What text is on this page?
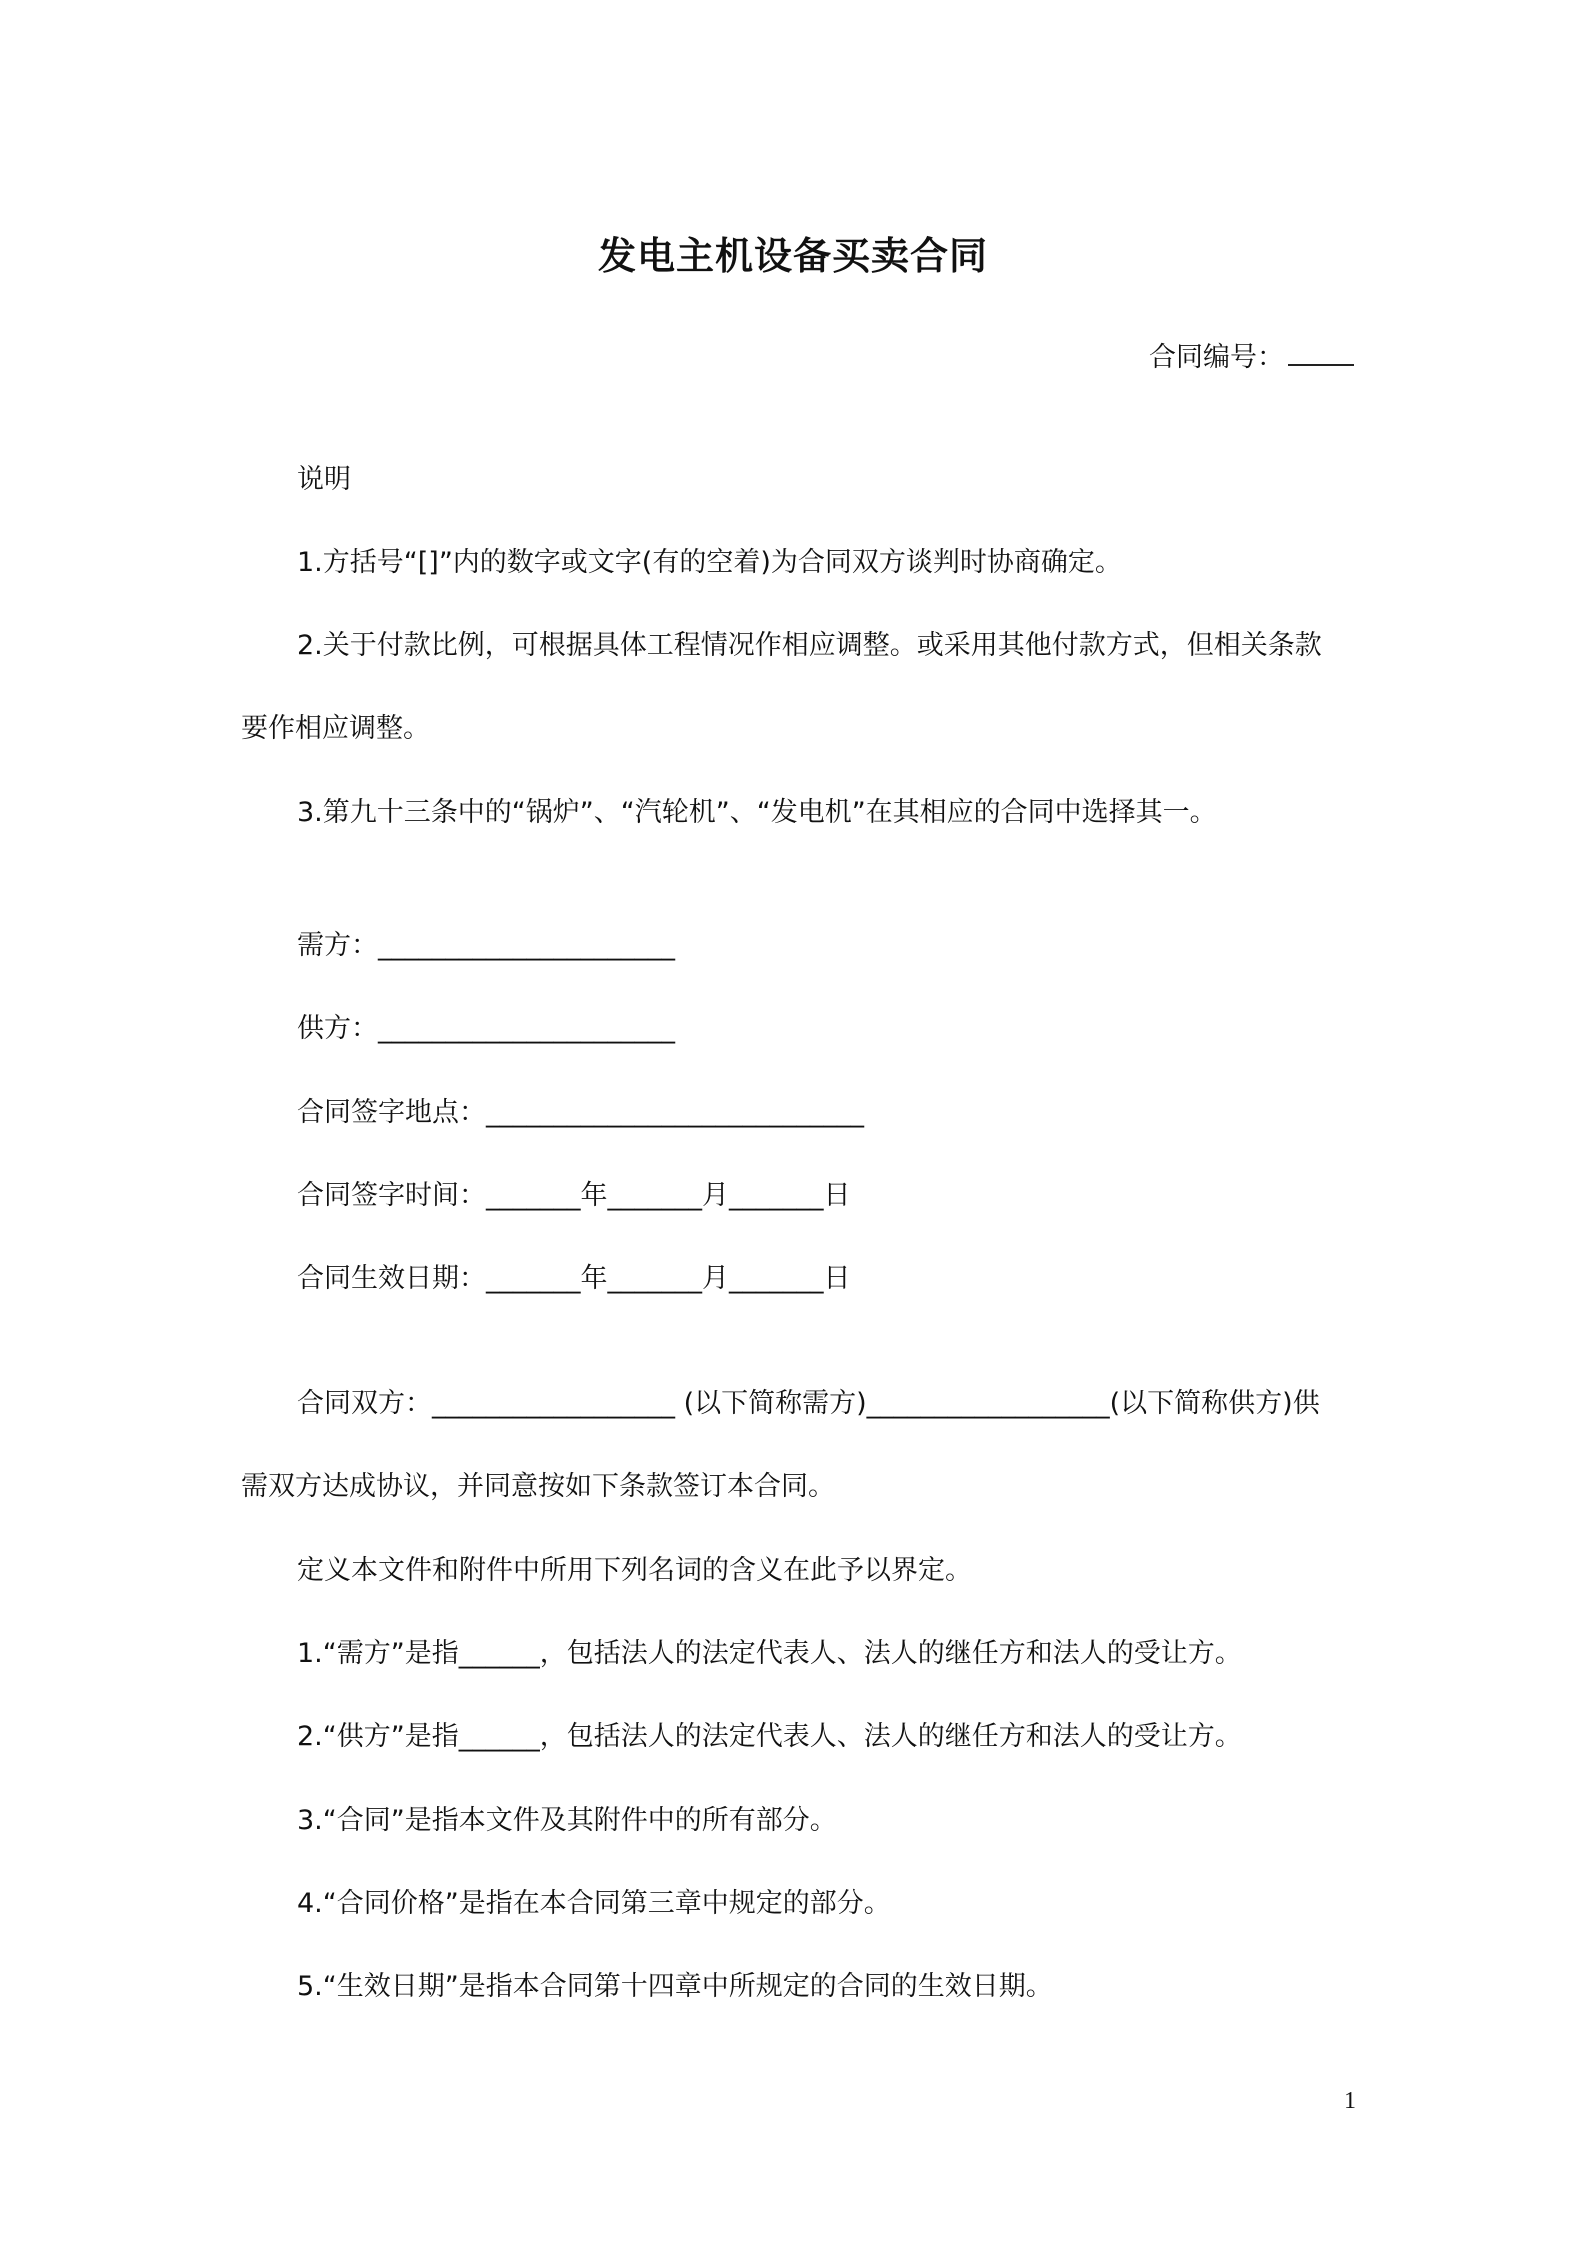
发电主机设备买卖合同
合同编号：
说明
1.方括号“[]”内的数字或文字(有的空着)为合同双方谈判时协商确定。
2.关于付款比例，可根据具体工程情况作相应调整。或采用其他付款方式，但相关条款
要作相应调整。
3.第九十三条中的“锅炉”、“汽轮机”、“发电机”在其相应的合同中选择其一。
需方：______________________
供方：______________________
合同签字地点：____________________________
合同签字时间：_______年_______月_______日
合同生效日期：_______年_______月_______日
合同双方：__________________ (以下简称需方)__________________(以下简称供方)供
需双方达成协议，并同意按如下条款签订本合同。
定义本文件和附件中所用下列名词的含义在此予以界定。
1.“需方”是指______，包括法人的法定代表人、法人的继任方和法人的受让方。
2.“供方”是指______，包括法人的法定代表人、法人的继任方和法人的受让方。
3.“合同”是指本文件及其附件中的所有部分。
4.“合同价格”是指在本合同第三章中规定的部分。
5.“生效日期”是指本合同第十四章中所规定的合同的生效日期。
1
